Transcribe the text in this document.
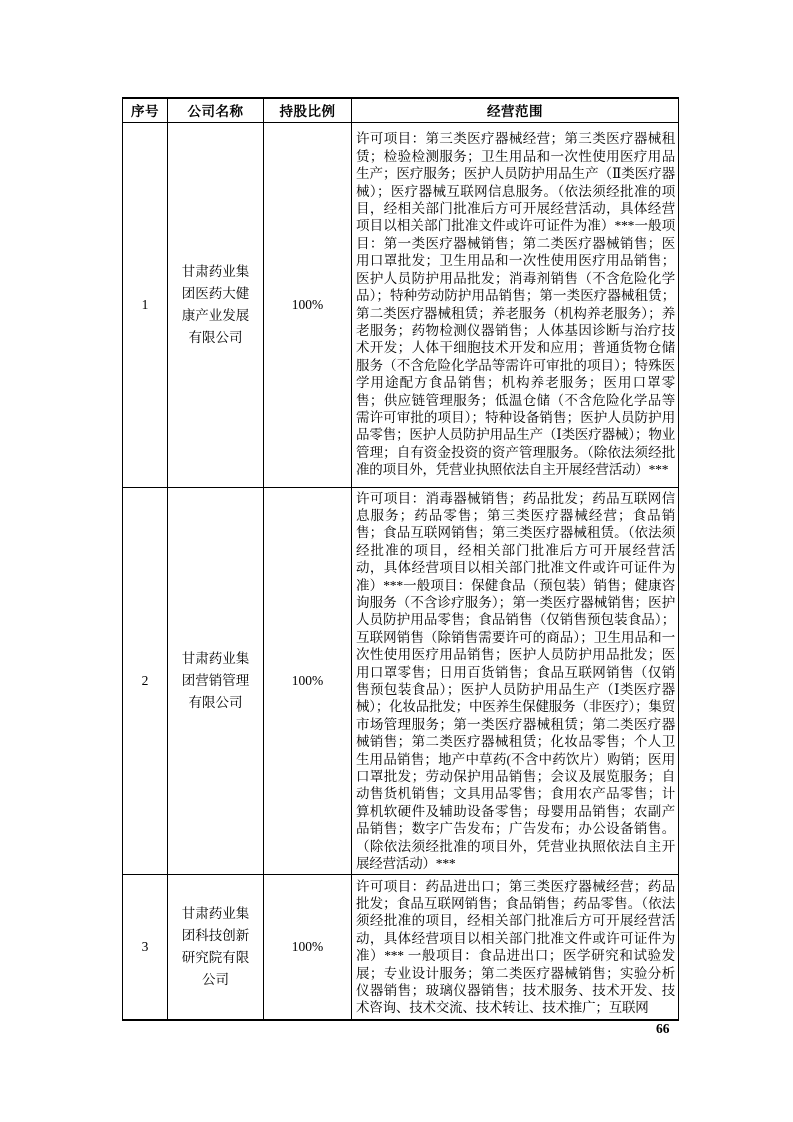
序号	公司名称	持股比例	经营范围
1	甘肃药业集团医药大健康产业发展有限公司	100%	许可项目：第三类医疗器械经营；第三类医疗器械租赁；检验检测服务；卫生用品和一次性使用医疗用品生产；医疗服务；医护人员防护用品生产（Ⅱ类医疗器械）；医疗器械互联网信息服务。（依法须经批准的项目，经相关部门批准后方可开展经营活动，具体经营项目以相关部门批准文件或许可证件为准）***一般项目：第一类医疗器械销售；第二类医疗器械销售；医用口罩批发；卫生用品和一次性使用医疗用品销售；医护人员防护用品批发；消毒剂销售（不含危险化学品）；特种劳动防护用品销售；第一类医疗器械租赁；第二类医疗器械租赁；养老服务（机构养老服务）；养老服务；药物检测仪器销售；人体基因诊断与治疗技术开发；人体干细胞技术开发和应用；普通货物仓储服务（不含危险化学品等需许可审批的项目）；特殊医学用途配方食品销售；机构养老服务；医用口罩零售；供应链管理服务；低温仓储（不含危险化学品等需许可审批的项目）；特种设备销售；医护人员防护用品零售；医护人员防护用品生产（Ⅰ类医疗器械）；物业管理；自有资金投资的资产管理服务。（除依法须经批准的项目外，凭营业执照依法自主开展经营活动）***
2	甘肃药业集团营销管理有限公司	100%	许可项目：消毒器械销售；药品批发；药品互联网信息服务；药品零售；第三类医疗器械经营；食品销售；食品互联网销售；第三类医疗器械租赁。（依法须经批准的项目，经相关部门批准后方可开展经营活动，具体经营项目以相关部门批准文件或许可证件为准）***一般项目：保健食品（预包装）销售；健康咨询服务（不含诊疗服务）；第一类医疗器械销售；医护人员防护用品零售；食品销售（仅销售预包装食品）；互联网销售（除销售需要许可的商品）；卫生用品和一次性使用医疗用品销售；医护人员防护用品批发；医用口罩零售；日用百货销售；食品互联网销售（仅销售预包装食品）；医护人员防护用品生产（Ⅰ类医疗器械）；化妆品批发；中医养生保健服务（非医疗）；集贸市场管理服务；第一类医疗器械租赁；第二类医疗器械销售；第二类医疗器械租赁；化妆品零售；个人卫生用品销售；地产中草药(不含中药饮片）购销；医用口罩批发；劳动保护用品销售；会议及展览服务；自动售货机销售；文具用品零售；食用农产品零售；计算机软硬件及辅助设备零售；母婴用品销售；农副产品销售；数字广告发布；广告发布；办公设备销售。（除依法须经批准的项目外，凭营业执照依法自主开展经营活动）***
3	甘肃药业集团科技创新研究院有限公司	100%	许可项目：药品进出口；第三类医疗器械经营；药品批发；食品互联网销售；食品销售；药品零售。（依法须经批准的项目，经相关部门批准后方可开展经营活动，具体经营项目以相关部门批准文件或许可证件为准）*** 一般项目：食品进出口；医学研究和试验发展；专业设计服务；第二类医疗器械销售；实验分析仪器销售；玻璃仪器销售；技术服务、技术开发、技术咨询、技术交流、技术转让、技术推广；互联网
66
